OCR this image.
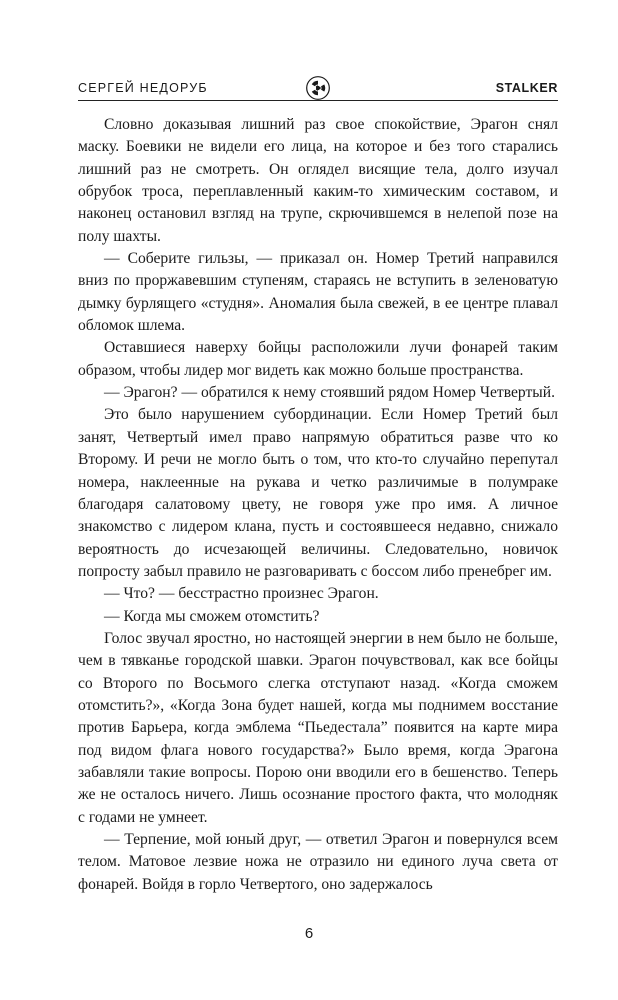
СЕРГЕЙ НЕДОРУБ	STALKER

Словно доказывая лишний раз свое спокойствие, Эрагон снял маску. Боевики не видели его лица, на которое и без того старались лишний раз не смотреть. Он оглядел висящие тела, долго изучал обрубок троса, переплавленный каким-то химическим составом, и наконец остановил взгляд на трупе, скрючившемся в нелепой позе на полу шахты.

— Соберите гильзы, — приказал он. Номер Третий направился вниз по проржавевшим ступеням, стараясь не вступить в зеленоватую дымку бурлящего «студня». Аномалия была свежей, в ее центре плавал обломок шлема.

Оставшиеся наверху бойцы расположили лучи фонарей таким образом, чтобы лидер мог видеть как можно больше пространства.

— Эрагон? — обратился к нему стоявший рядом Номер Четвертый.

Это было нарушением субординации. Если Номер Третий был занят, Четвертый имел право напрямую обратиться разве что ко Второму. И речи не могло быть о том, что кто-то случайно перепутал номера, наклеенные на рукава и четко различимые в полумраке благодаря салатовому цвету, не говоря уже про имя. А личное знакомство с лидером клана, пусть и состоявшееся недавно, снижало вероятность до исчезающей величины. Следовательно, новичок попросту забыл правило не разговаривать с боссом либо пренебрег им.

— Что? — бесстрастно произнес Эрагон.

— Когда мы сможем отомстить?

Голос звучал яростно, но настоящей энергии в нем было не больше, чем в тявканье городской шавки. Эрагон почувствовал, как все бойцы со Второго по Восьмого слегка отступают назад. «Когда сможем отомстить?», «Когда Зона будет нашей, когда мы поднимем восстание против Барьера, когда эмблема “Пьедестала” появится на карте мира под видом флага нового государства?» Было время, когда Эрагона забавляли такие вопросы. Порою они вводили его в бешенство. Теперь же не осталось ничего. Лишь осознание простого факта, что молодняк с годами не умнеет.

— Терпение, мой юный друг, — ответил Эрагон и повернулся всем телом. Матовое лезвие ножа не отразило ни единого луча света от фонарей. Войдя в горло Четвертого, оно задержалось

6
